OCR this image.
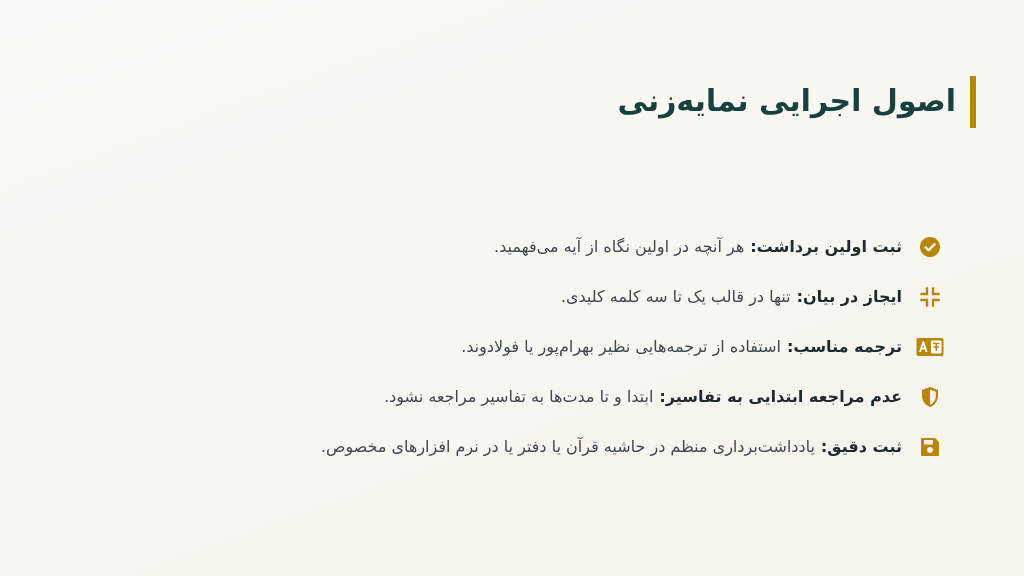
اصول اجرایی نمایه‌زنی
ثبت اولین برداشت:هر آنچه در اولین نگاه از آیه می‌فهمید.
ایجاز در بیان:تنها در قالب یک تا سه کلمه کلیدی.
ترجمه مناسب:استفاده از ترجمه‌هایی نظیر بهرام‌پور یا فولادوند.
عدم مراجعه ابتدایی به تفاسیر:ابتدا و تا مدت‌ها به تفاسیر مراجعه نشود.
ثبت دقیق:یادداشت‌برداری منظم در حاشیه قرآن یا دفتر یا در نرم افزارهای مخصوص.
